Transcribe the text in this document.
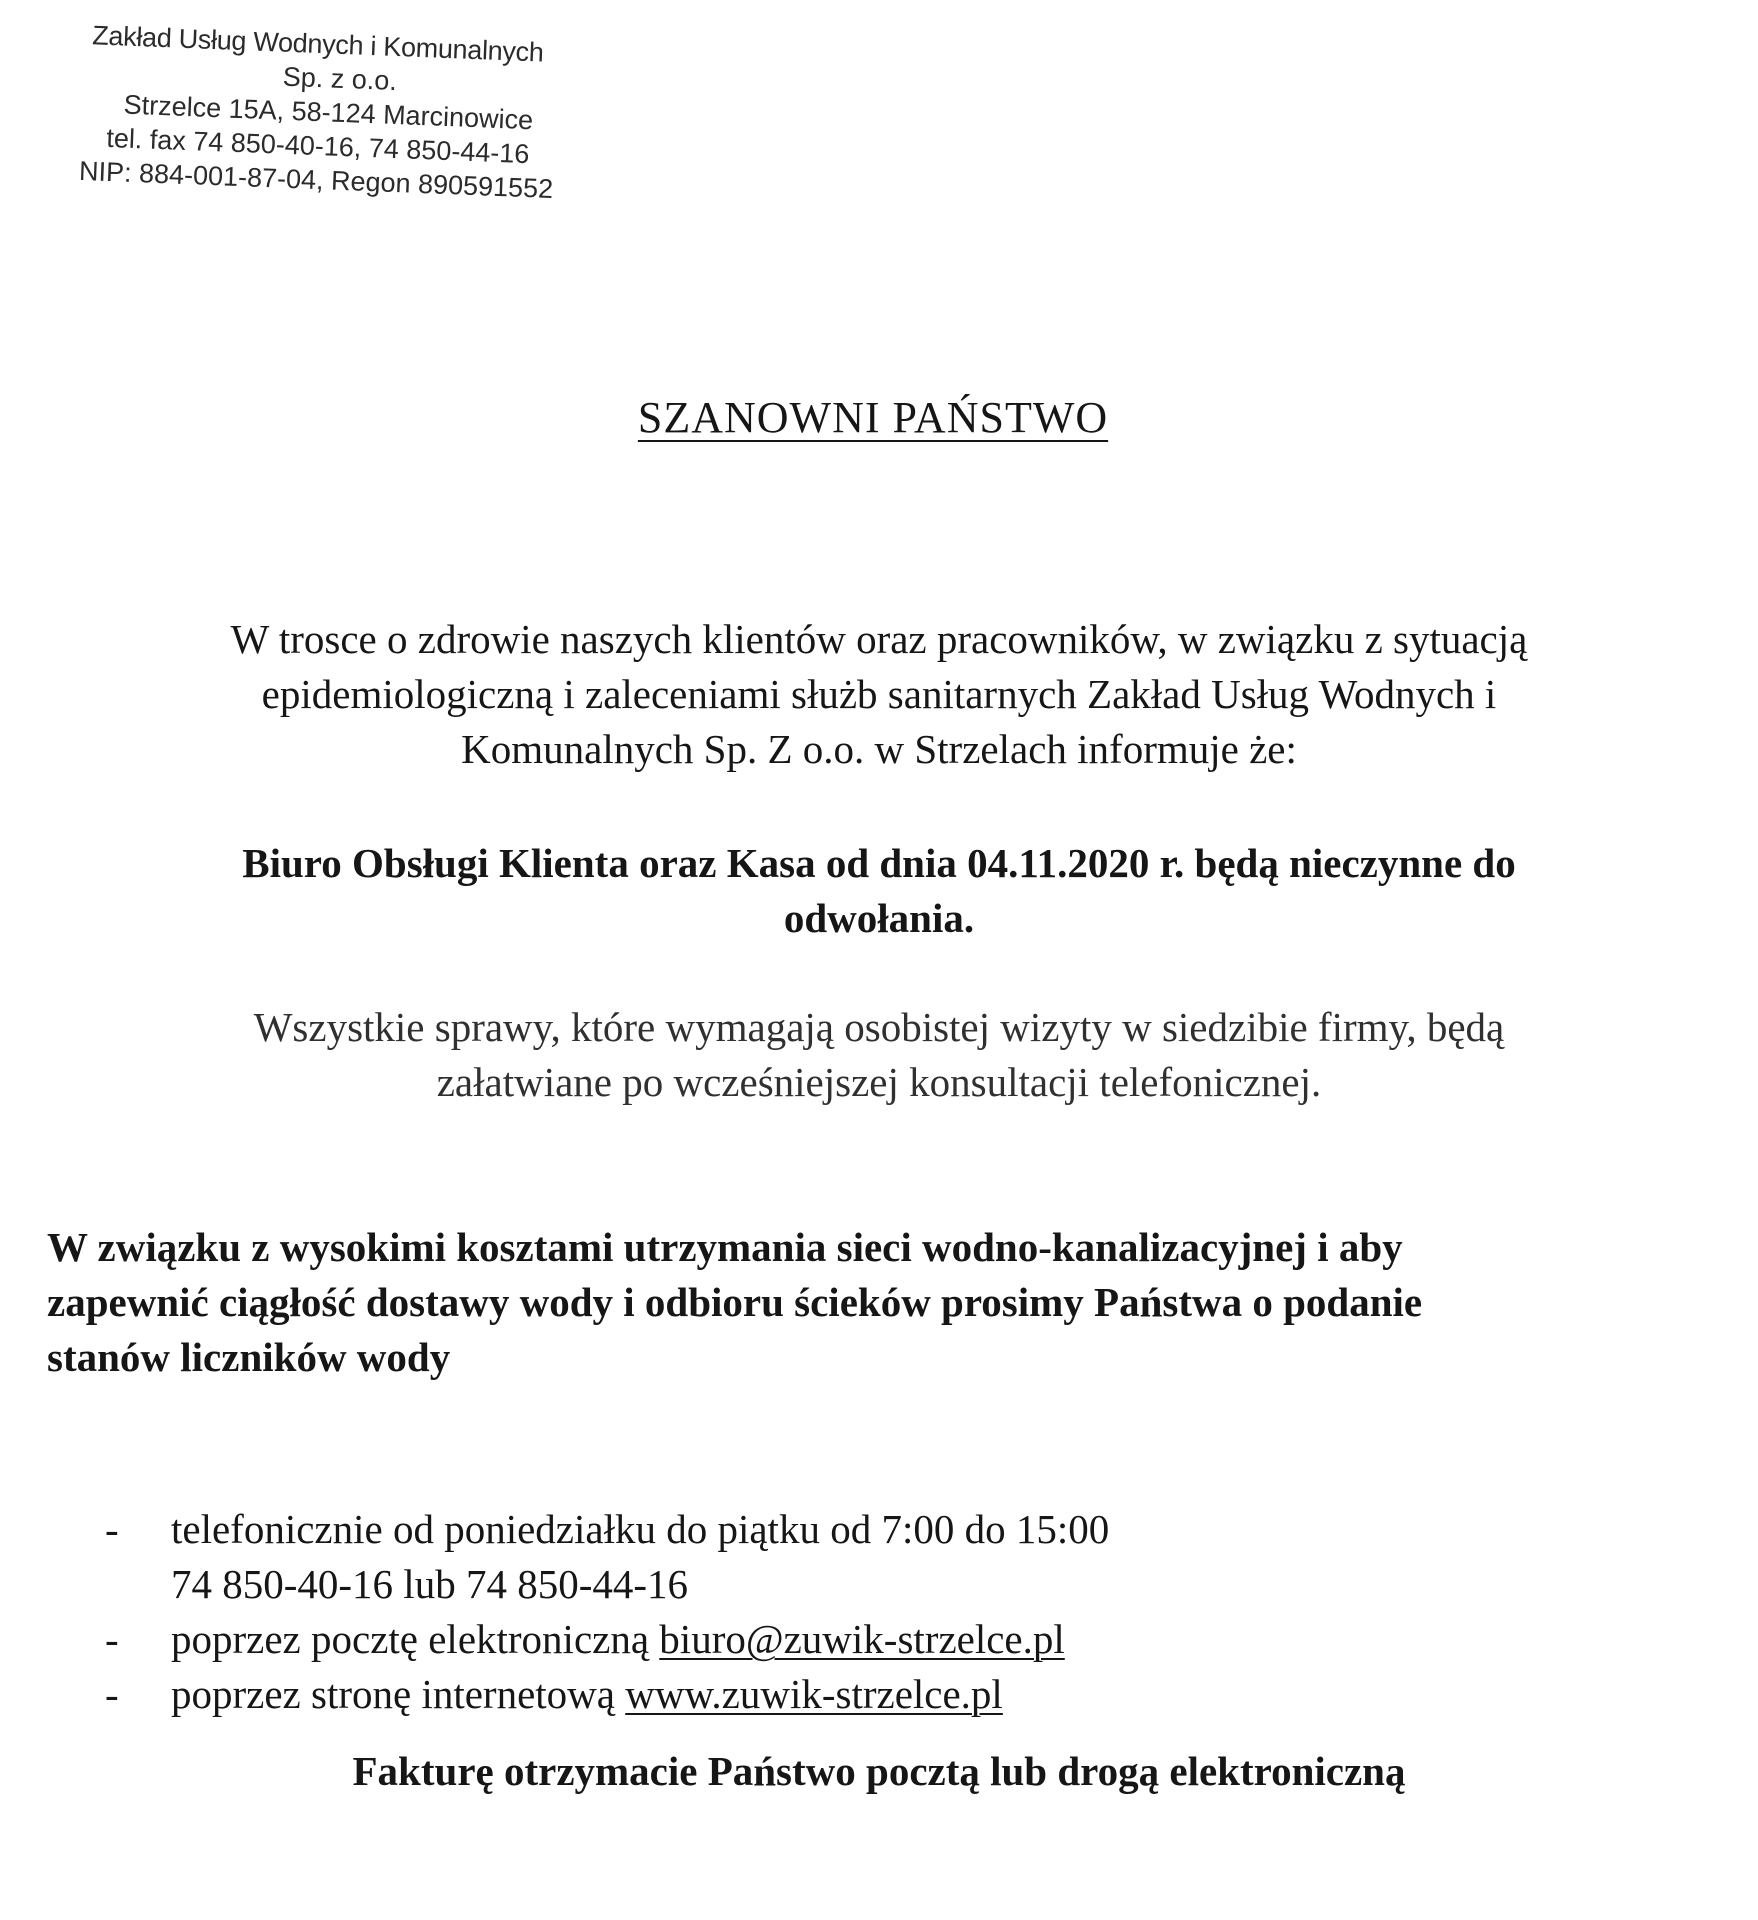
Zakład Usług Wodnych i Komunalnych
Sp. z o.o.
Strzelce 15A, 58-124 Marcinowice
tel. fax 74 850-40-16, 74 850-44-16
NIP: 884-001-87-04, Regon 890591552
SZANOWNI PAŃSTWO
W trosce o zdrowie naszych klientów oraz pracowników, w związku z sytuacją
epidemiologiczną i zaleceniami służb sanitarnych Zakład Usług Wodnych i
Komunalnych Sp. Z o.o. w Strzelach informuje że:
Biuro Obsługi Klienta oraz Kasa od dnia 04.11.2020 r. będą nieczynne do
odwołania.
Wszystkie sprawy, które wymagają osobistej wizyty w siedzibie firmy, będą
załatwiane po wcześniejszej konsultacji telefonicznej.
W związku z wysokimi kosztami utrzymania sieci wodno-kanalizacyjnej i aby
zapewnić ciągłość dostawy wody i odbioru ścieków prosimy Państwa o podanie
stanów liczników wody
-	telefonicznie od poniedziałku do piątku od 7:00 do 15:00
74 850-40-16 lub 74 850-44-16
-	poprzez pocztę elektroniczną biuro@zuwik-strzelce.pl
-	poprzez stronę internetową www.zuwik-strzelce.pl
Fakturę otrzymacie Państwo pocztą lub drogą elektroniczną
